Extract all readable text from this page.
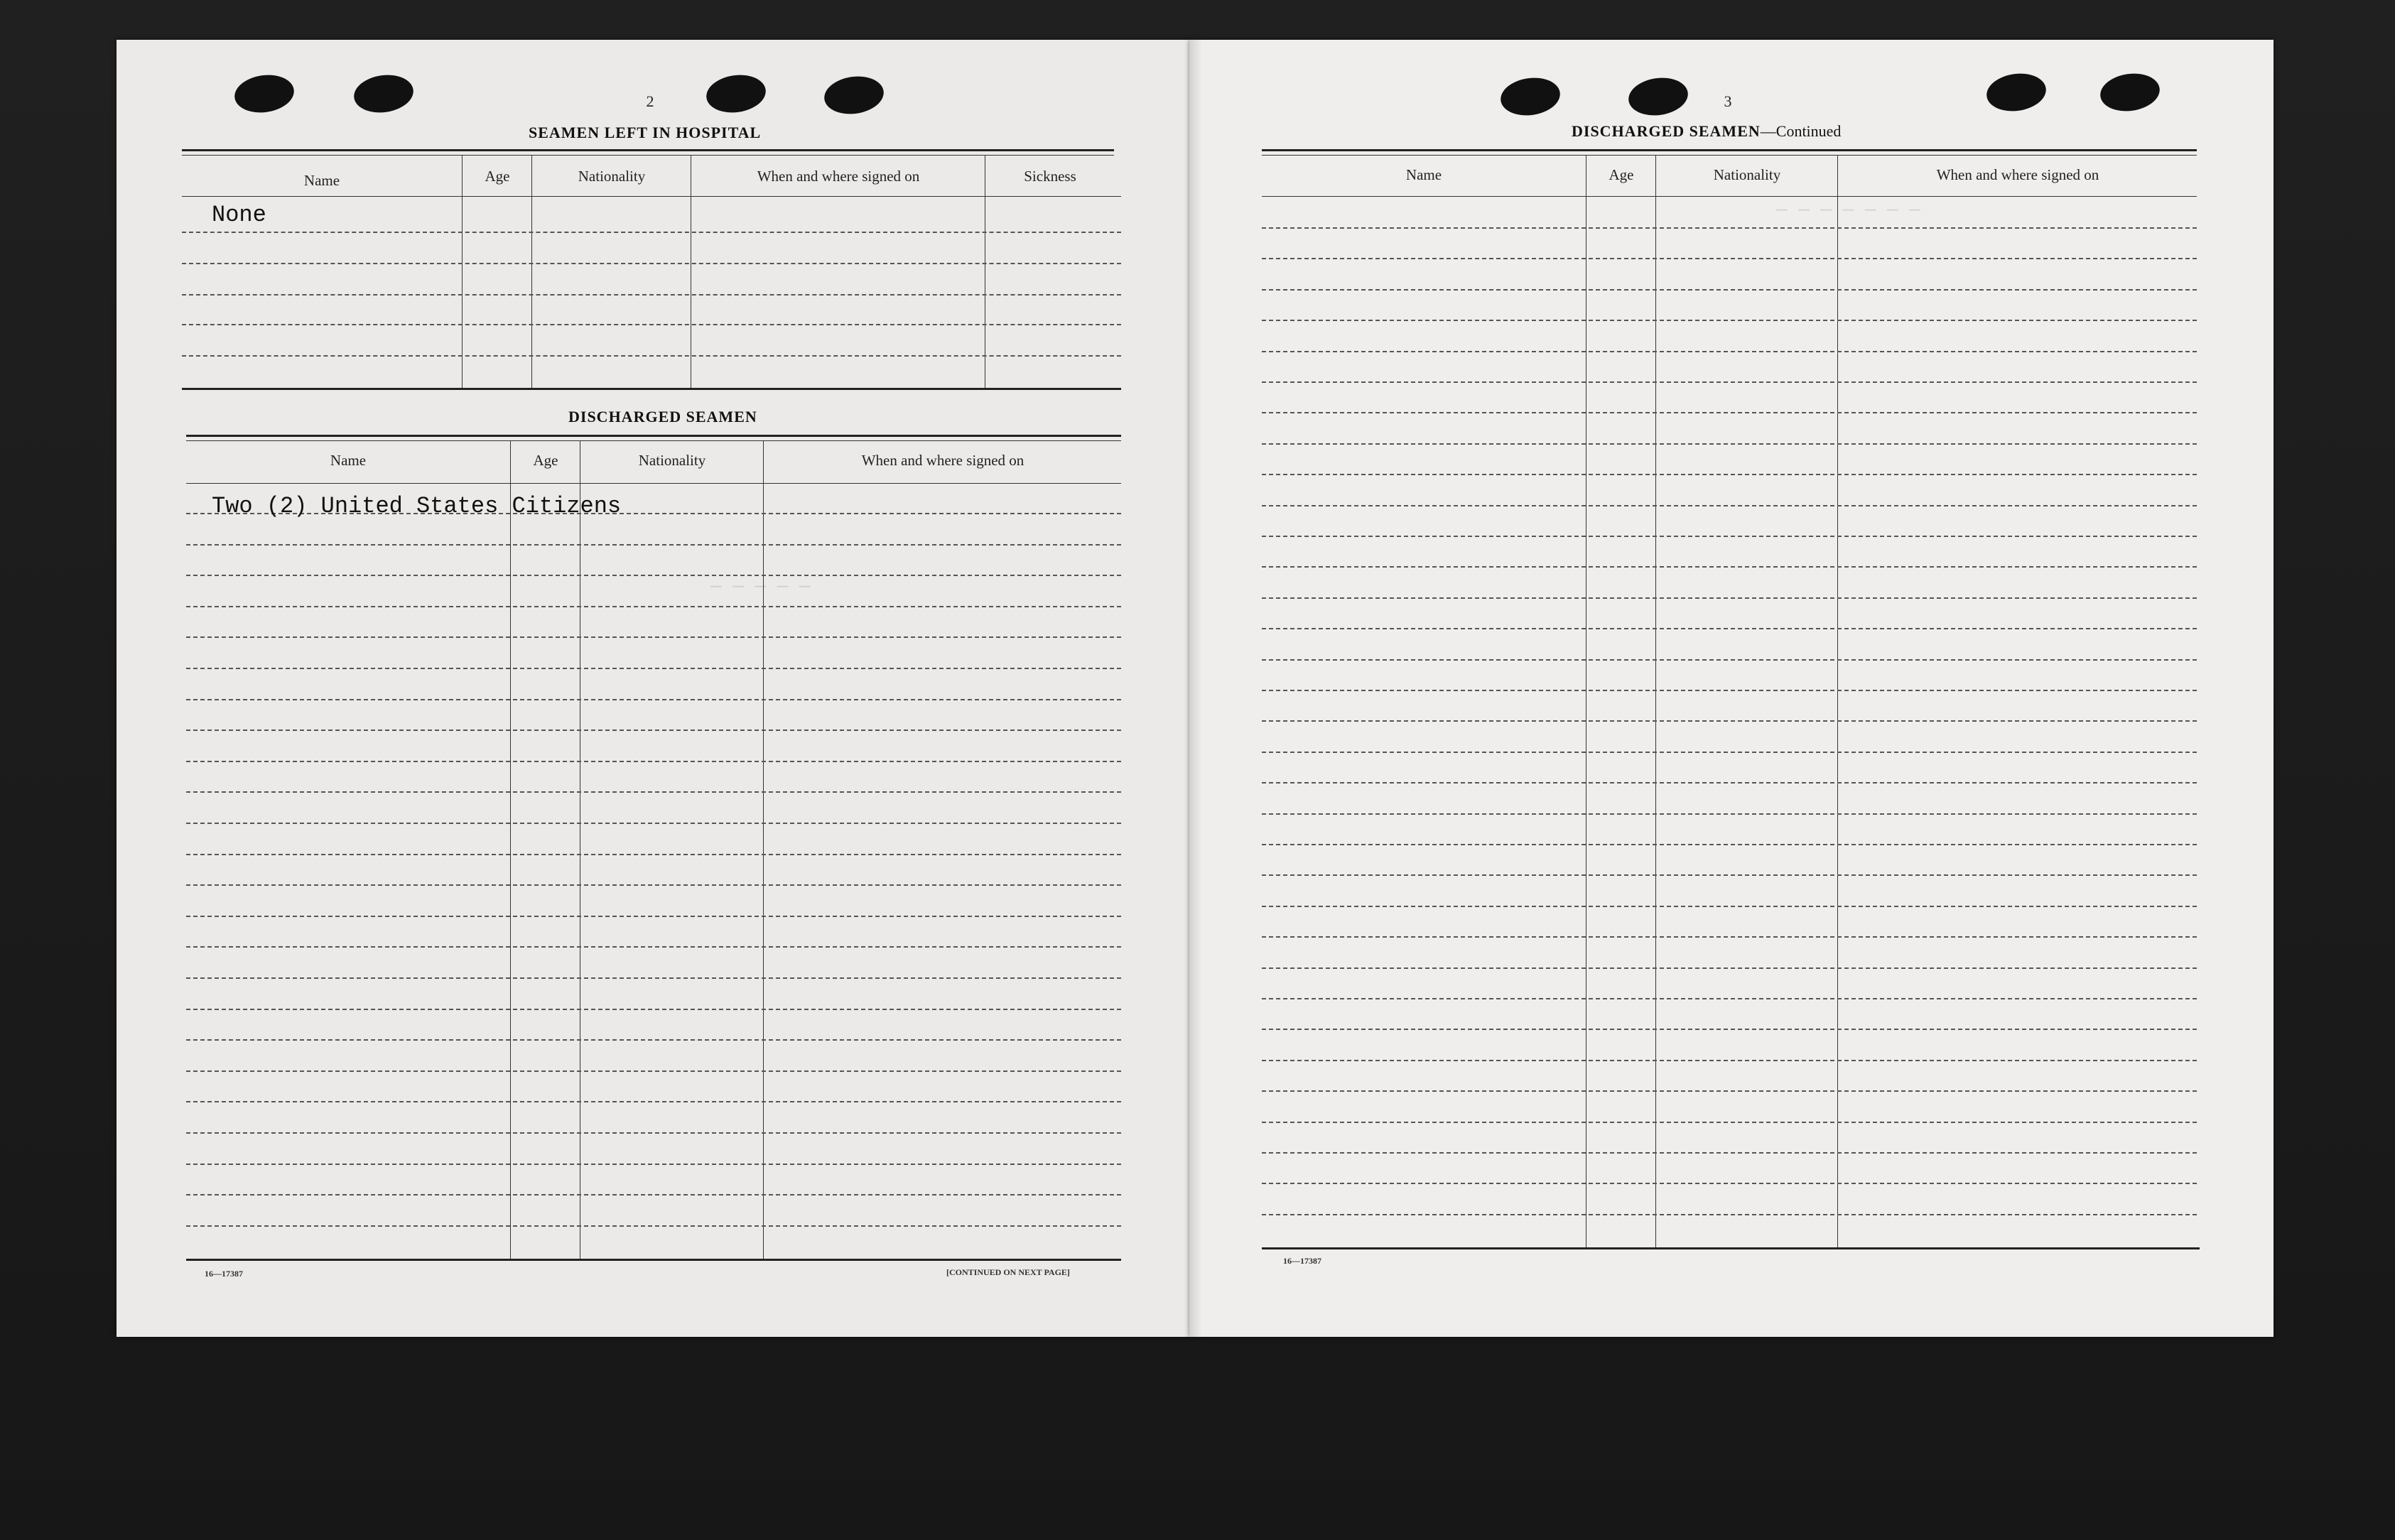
— — — — —
— — — — — — —
2
SEAMEN LEFT IN HOSPITAL
Name	Age	Nationality	When and where signed on	Sickness
None
DISCHARGED SEAMEN
Name	Age	Nationality	When and where signed on
Two (2) United States Citizens
16—17387	[CONTINUED ON NEXT PAGE]
3
DISCHARGED SEAMEN—Continued
Name	Age	Nationality	When and where signed on
16—17387
